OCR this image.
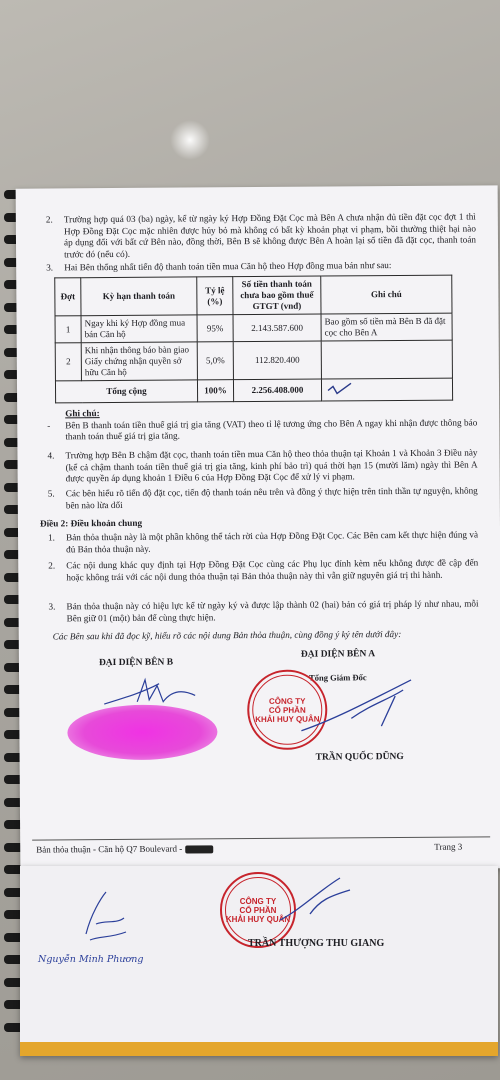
2.	Trường hợp quá 03 (ba) ngày, kể từ ngày ký Hợp Đồng Đặt Cọc mà Bên A chưa nhận đủ tiền đặt cọc đợt 1 thì Hợp Đồng Đặt Cọc mặc nhiên được hủy bỏ mà không có bất kỳ khoản phạt vi phạm, bồi thường thiệt hại nào áp dụng đối với bất cứ Bên nào, đồng thời, Bên B sẽ không được Bên A hoàn lại số tiền đã đặt cọc, thanh toán trước đó (nếu có).
3.	Hai Bên thống nhất tiến độ thanh toán tiền mua Căn hộ theo Hợp đồng mua bán như sau:
Đợt	Kỳ hạn thanh toán	Tỷ lệ (%)	Số tiền thanh toán chưa bao gồm thuế GTGT (vnđ)	Ghi chú
1	Ngay khi ký Hợp đồng mua bán Căn hộ	95%	2.143.587.600	Bao gồm số tiền mà Bên B đã đặt cọc cho Bên A
2	Khi nhận thông báo bàn giao Giấy chứng nhận quyền sở hữu Căn hộ	5,0%	112.820.400	
Tổng cộng		100%	2.256.408.000	
Ghi chú:
-	Bên B thanh toán tiền thuế giá trị gia tăng (VAT) theo tỉ lệ tương ứng cho Bên A ngay khi nhận được thông báo thanh toán thuế giá trị gia tăng.
4.	Trường hợp Bên B chậm đặt cọc, thanh toán tiền mua Căn hộ theo thỏa thuận tại Khoản 1 và Khoản 3 Điều này (kể cả chậm thanh toán tiền thuế giá trị gia tăng, kinh phí bảo trì) quá thời hạn 15 (mười lăm) ngày thì Bên A được quyền áp dụng khoản 1 Điều 6 của Hợp Đồng Đặt Cọc để xử lý vi phạm.
5.	Các bên hiểu rõ tiến độ đặt cọc, tiến độ thanh toán nêu trên và đồng ý thực hiện trên tinh thần tự nguyện, không bên nào lừa dối
Điều 2: Điều khoản chung
1.	Bản thỏa thuận này là một phần không thể tách rời của Hợp Đồng Đặt Cọc. Các Bên cam kết thực hiện đúng và đủ Bản thỏa thuận này.
2.	Các nội dung khác quy định tại Hợp Đồng Đặt Cọc cùng các Phụ lục đính kèm nếu không được đề cập đến hoặc không trái với các nội dung thỏa thuận tại Bản thỏa thuận này thì vẫn giữ nguyên giá trị thi hành.
3.	Bản thỏa thuận này có hiệu lực kể từ ngày ký và được lập thành 02 (hai) bản có giá trị pháp lý như nhau, mỗi Bên giữ 01 (một) bản để cùng thực hiện.
Các Bên sau khi đã đọc kỹ, hiểu rõ các nội dung Bản thỏa thuận, cùng đồng ý ký tên dưới đây:
ĐẠI DIỆN BÊN B
ĐẠI DIỆN BÊN A
Tổng Giám Đốc
CÔNG TY
CỔ PHẦN
KHẢI HUY QUÂN
TRẦN QUỐC DŨNG
Bản thỏa thuận - Căn hộ Q7 Boulevard -	Trang 3
Nguyễn Minh Phương
CÔNG TY
CỔ PHẦN
KHẢI HUY QUÂN
TRẦN THƯỢNG THU GIANG
